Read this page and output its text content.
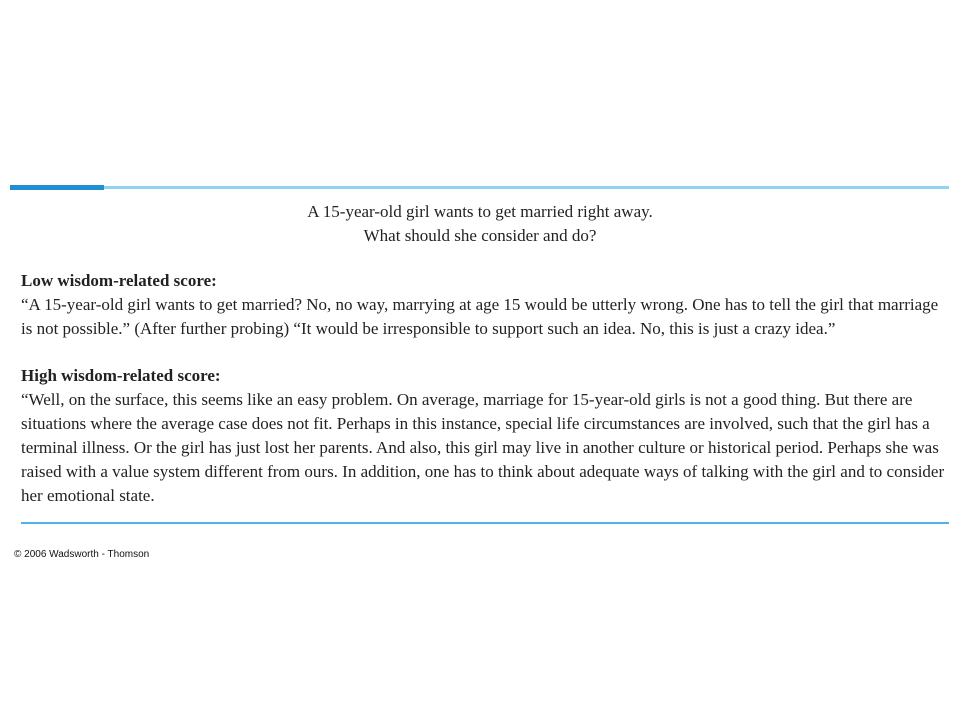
A 15-year-old girl wants to get married right away.
What should she consider and do?
Low wisdom-related score:
“A 15-year-old girl wants to get married? No, no way, marrying at age 15 would be utterly wrong. One has to tell the girl that marriage is not possible.” (After further probing) “It would be irresponsible to support such an idea. No, this is just a crazy idea.”
High wisdom-related score:
“Well, on the surface, this seems like an easy problem. On average, marriage for 15-year-old girls is not a good thing. But there are situations where the average case does not fit. Perhaps in this instance, special life circumstances are involved, such that the girl has a terminal illness. Or the girl has just lost her parents. And also, this girl may live in another culture or historical period. Perhaps she was raised with a value system different from ours. In addition, one has to think about adequate ways of talking with the girl and to consider her emotional state.
© 2006 Wadsworth - Thomson
